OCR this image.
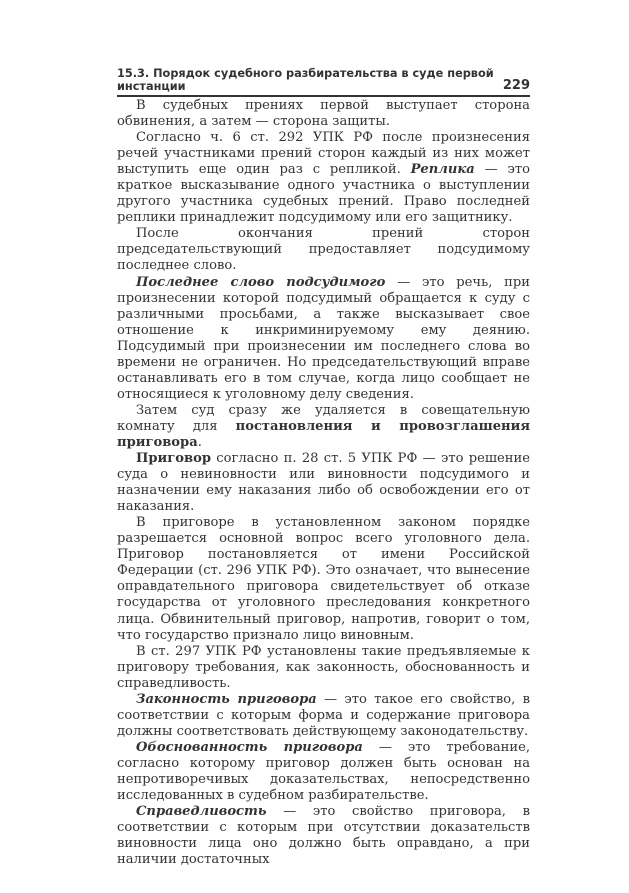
15.3. Порядок судебного разбирательства в суде первой инстанции	229

В судебных прениях первой выступает сторона обвинения, а затем — сторона защиты.

Согласно ч. 6 ст. 292 УПК РФ после произнесения речей участниками прений сторон каждый из них может выступить еще один раз с репликой. Реплика — это краткое высказывание одного участника о выступлении другого участника судебных прений. Право последней реплики принадлежит подсудимому или его защитнику.

После окончания прений сторон председательствующий предоставляет подсудимому последнее слово.

Последнее слово подсудимого — это речь, при произнесении которой подсудимый обращается к суду с различными просьбами, а также высказывает свое отношение к инкриминируемому ему деянию. Подсудимый при произнесении им последнего слова во времени не ограничен. Но председательствующий вправе останавливать его в том случае, когда лицо сообщает не относящиеся к уголовному делу сведения.

Затем суд сразу же удаляется в совещательную комнату для постановления и провозглашения приговора.

Приговор согласно п. 28 ст. 5 УПК РФ — это решение суда о невиновности или виновности подсудимого и назначении ему наказания либо об освобождении его от наказания.

В приговоре в установленном законом порядке разрешается основной вопрос всего уголовного дела. Приговор постановляется от имени Российской Федерации (ст. 296 УПК РФ). Это означает, что вынесение оправдательного приговора свидетельствует об отказе государства от уголовного преследования конкретного лица. Обвинительный приговор, напротив, говорит о том, что государство признало лицо виновным.

В ст. 297 УПК РФ установлены такие предъявляемые к приговору требования, как законность, обоснованность и справедливость.

Законность приговора — это такое его свойство, в соответствии с которым форма и содержание приговора должны соответствовать действующему законодательству.

Обоснованность приговора — это требование, согласно которому приговор должен быть основан на непротиворечивых доказательствах, непосредственно исследованных в судебном разбирательстве.

Справедливость — это свойство приговора, в соответствии с которым при отсутствии доказательств виновности лица оно должно быть оправдано, а при наличии достаточных
